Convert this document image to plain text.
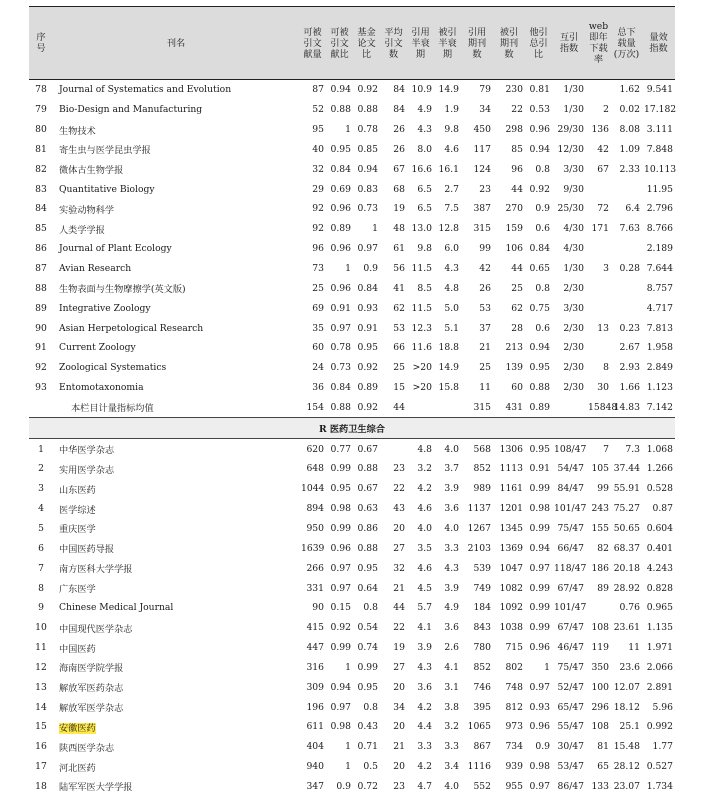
序
号	刊名	可被
引文
献量	可被
引文
献比	基金
论文
比	平均
引文
数	引用
半衰
期	被引
半衰
期	引用
期刊
数	被引
期刊
数	他引
总引
比	互引
指数	web
即年
下载
率	总下
载量
(万次)	量效
指数
78	Journal of Systematics and Evolution	87	0.94	0.92	84	10.9	14.9	79	230	0.81	1/30		1.62	9.541
79	Bio-Design and Manufacturing	52	0.88	0.88	84	4.9	1.9	34	22	0.53	1/30	2	0.02	17.182
80	生物技术	95	1	0.78	26	4.3	9.8	450	298	0.96	29/30	136	8.08	3.111
81	寄生虫与医学昆虫学报	40	0.95	0.85	26	8.0	4.6	117	85	0.94	12/30	42	1.09	7.848
82	微体古生物学报	32	0.84	0.94	67	16.6	16.1	124	96	0.8	3/30	67	2.33	10.113
83	Quantitative Biology	29	0.69	0.83	68	6.5	2.7	23	44	0.92	9/30			11.95
84	实验动物科学	92	0.96	0.73	19	6.5	7.5	387	270	0.9	25/30	72	6.4	2.796
85	人类学学报	92	0.89	1	48	13.0	12.8	315	159	0.6	4/30	171	7.63	8.766
86	Journal of Plant Ecology	96	0.96	0.97	61	9.8	6.0	99	106	0.84	4/30			2.189
87	Avian Research	73	1	0.9	56	11.5	4.3	42	44	0.65	1/30	3	0.28	7.644
88	生物表面与生物摩擦学(英文版)	25	0.96	0.84	41	8.5	4.8	26	25	0.8	2/30			8.757
89	Integrative Zoology	69	0.91	0.93	62	11.5	5.0	53	62	0.75	3/30			4.717
90	Asian Herpetological Research	35	0.97	0.91	53	12.3	5.1	37	28	0.6	2/30	13	0.23	7.813
91	Current Zoology	60	0.78	0.95	66	11.6	18.8	21	213	0.94	2/30		2.67	1.958
92	Zoological Systematics	24	0.73	0.92	25	>20	14.9	25	139	0.95	2/30	8	2.93	2.849
93	Entomotaxonomia	36	0.84	0.89	15	>20	15.8	11	60	0.88	2/30	30	1.66	1.123
	本栏目计量指标均值	154	0.88	0.92	44			315	431	0.89		15848	14.83	7.142
R 医药卫生综合														
1	中华医学杂志	620	0.77	0.67		4.8	4.0	568	1306	0.95	108/47	7	7.3	1.068
2	实用医学杂志	648	0.99	0.88	23	3.2	3.7	852	1113	0.91	54/47	105	37.44	1.266
3	山东医药	1044	0.95	0.67	22	4.2	3.9	989	1161	0.99	84/47	99	55.91	0.528
4	医学综述	894	0.98	0.63	43	4.6	3.6	1137	1201	0.98	101/47	243	75.27	0.87
5	重庆医学	950	0.99	0.86	20	4.0	4.0	1267	1345	0.99	75/47	155	50.65	0.604
6	中国医药导报	1639	0.96	0.88	27	3.5	3.3	2103	1369	0.94	66/47	82	68.37	0.401
7	南方医科大学学报	266	0.97	0.95	32	4.6	4.3	539	1047	0.97	118/47	186	20.18	4.243
8	广东医学	331	0.97	0.64	21	4.5	3.9	749	1082	0.99	67/47	89	28.92	0.828
9	Chinese Medical Journal	90	0.15	0.8	44	5.7	4.9	184	1092	0.99	101/47		0.76	0.965
10	中国现代医学杂志	415	0.92	0.54	22	4.1	3.6	843	1038	0.99	67/47	108	23.61	1.135
11	中国医药	447	0.99	0.74	19	3.9	2.6	780	715	0.96	46/47	119	11	1.971
12	海南医学院学报	316	1	0.99	27	4.3	4.1	852	802	1	75/47	350	23.6	2.066
13	解放军医药杂志	309	0.94	0.95	20	3.6	3.1	746	748	0.97	52/47	100	12.07	2.891
14	解放军医学杂志	196	0.97	0.8	34	4.2	3.8	395	812	0.93	65/47	296	18.12	5.96
15	安徽医药	611	0.98	0.43	20	4.4	3.2	1065	973	0.96	55/47	108	25.1	0.992
16	陕西医学杂志	404	1	0.71	21	3.3	3.3	867	734	0.9	30/47	81	15.48	1.77
17	河北医药	940	1	0.5	20	4.2	3.4	1116	939	0.98	53/47	65	28.12	0.527
18	陆军军医大学学报	347	0.9	0.72	23	4.7	4.0	552	955	0.97	86/47	133	23.07	1.734
